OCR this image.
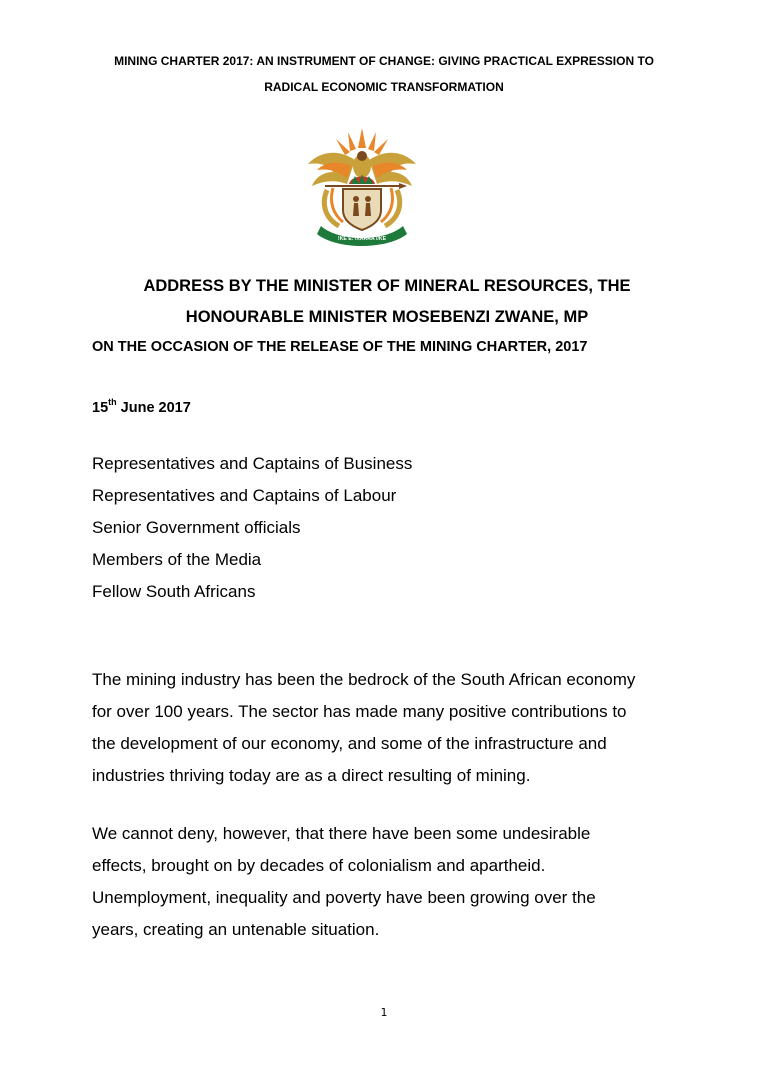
MINING CHARTER 2017: AN INSTRUMENT OF CHANGE: GIVING PRACTICAL EXPRESSION TO
RADICAL ECONOMIC TRANSFORMATION
!KE E: /XARRA //KE
ADDRESS BY THE MINISTER OF MINERAL RESOURCES, THE
HONOURABLE MINISTER MOSEBENZI ZWANE, MP
ON THE OCCASION OF THE RELEASE OF THE MINING CHARTER, 2017
15th June 2017
Representatives and Captains of Business
Representatives and Captains of Labour
Senior Government officials
Members of the Media
Fellow South Africans
The mining industry has been the bedrock of the South African economy
for over 100 years. The sector has made many positive contributions to
the development of our economy, and some of the infrastructure and
industries thriving today are as a direct resulting of mining.
We cannot deny, however, that there have been some undesirable
effects, brought on by decades of colonialism and apartheid.
Unemployment, inequality and poverty have been growing over the
years, creating an untenable situation.
1
